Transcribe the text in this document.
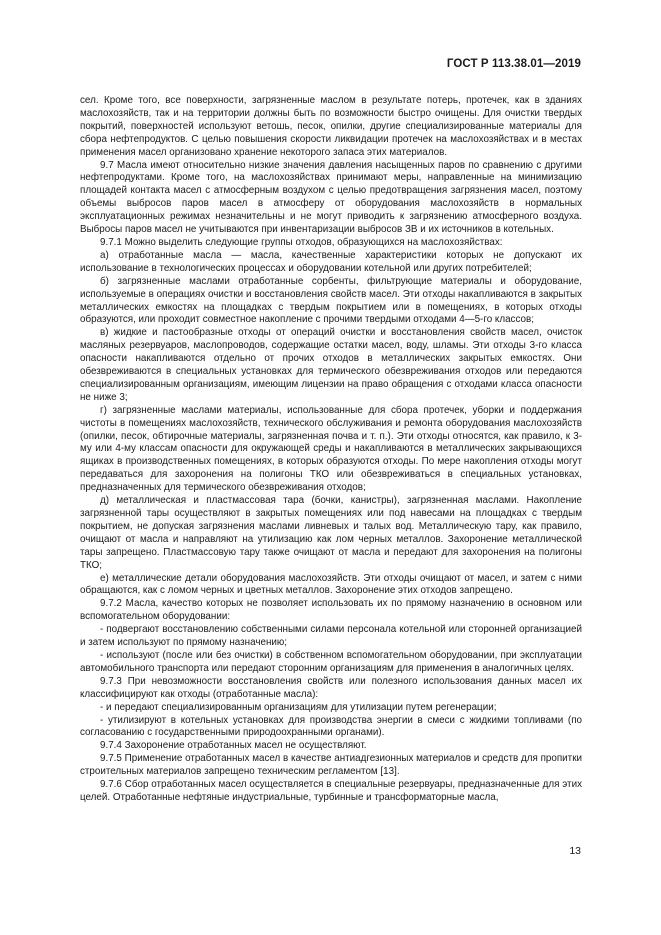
ГОСТ Р 113.38.01—2019

сел. Кроме того, все поверхности, загрязненные маслом в результате потерь, протечек, как в зданиях маслохозяйств, так и на территории должны быть по возможности быстро очищены. Для очистки твердых покрытий, поверхностей используют ветошь, песок, опилки, другие специализированные материалы для сбора нефтепродуктов. С целью повышения скорости ликвидации протечек на маслохозяйствах и в местах применения масел организовано хранение некоторого запаса этих материалов.

9.7 Масла имеют относительно низкие значения давления насыщенных паров по сравнению с другими нефтепродуктами. Кроме того, на маслохозяйствах принимают меры, направленные на минимизацию площадей контакта масел с атмосферным воздухом с целью предотвращения загрязнения масел, поэтому объемы выбросов паров масел в атмосферу от оборудования маслохозяйств в нормальных эксплуатационных режимах незначительны и не могут приводить к загрязнению атмосферного воздуха. Выбросы паров масел не учитываются при инвентаризации выбросов ЗВ и их источников в котельных.

9.7.1 Можно выделить следующие группы отходов, образующихся на маслохозяйствах:

а) отработанные масла — масла, качественные характеристики которых не допускают их использование в технологических процессах и оборудовании котельной или других потребителей;

б) загрязненные маслами отработанные сорбенты, фильтрующие материалы и оборудование, используемые в операциях очистки и восстановления свойств масел. Эти отходы накапливаются в закрытых металлических емкостях на площадках с твердым покрытием или в помещениях, в которых отходы образуются, или проходит совместное накопление с прочими твердыми отходами 4—5-го классов;

в) жидкие и пастообразные отходы от операций очистки и восстановления свойств масел, очисток масляных резервуаров, маслопроводов, содержащие остатки масел, воду, шламы. Эти отходы 3-го класса опасности накапливаются отдельно от прочих отходов в металлических закрытых емкостях. Они обезвреживаются в специальных установках для термического обезвреживания отходов или передаются специализированным организациям, имеющим лицензии на право обращения с отходами класса опасности не ниже 3;

г) загрязненные маслами материалы, использованные для сбора протечек, уборки и поддержания чистоты в помещениях маслохозяйств, технического обслуживания и ремонта оборудования маслохозяйств (опилки, песок, обтирочные материалы, загрязненная почва и т. п.). Эти отходы относятся, как правило, к 3-му или 4-му классам опасности для окружающей среды и накапливаются в металлических закрывающихся ящиках в производственных помещениях, в которых образуются отходы. По мере накопления отходы могут передаваться для захоронения на полигоны ТКО или обезвреживаться в специальных установках, предназначенных для термического обезвреживания отходов;

д) металлическая и пластмассовая тара (бочки, канистры), загрязненная маслами. Накопление загрязненной тары осуществляют в закрытых помещениях или под навесами на площадках с твердым покрытием, не допуская загрязнения маслами ливневых и талых вод. Металлическую тару, как правило, очищают от масла и направляют на утилизацию как лом черных металлов. Захоронение металлической тары запрещено. Пластмассовую тару также очищают от масла и передают для захоронения на полигоны ТКО;

е) металлические детали оборудования маслохозяйств. Эти отходы очищают от масел, и затем с ними обращаются, как с ломом черных и цветных металлов. Захоронение этих отходов запрещено.

9.7.2 Масла, качество которых не позволяет использовать их по прямому назначению в основном или вспомогательном оборудовании:

- подвергают восстановлению собственными силами персонала котельной или сторонней организацией и затем используют по прямому назначению;

- используют (после или без очистки) в собственном вспомогательном оборудовании, при эксплуатации автомобильного транспорта или передают сторонним организациям для применения в аналогичных целях.

9.7.3 При невозможности восстановления свойств или полезного использования данных масел их классифицируют как отходы (отработанные масла):

- и передают специализированным организациям для утилизации путем регенерации;

- утилизируют в котельных установках для производства энергии в смеси с жидкими топливами (по согласованию с государственными природоохранными органами).

9.7.4 Захоронение отработанных масел не осуществляют.

9.7.5 Применение отработанных масел в качестве антиадгезионных материалов и средств для пропитки строительных материалов запрещено техническим регламентом [13].

9.7.6 Сбор отработанных масел осуществляется в специальные резервуары, предназначенные для этих целей. Отработанные нефтяные индустриальные, турбинные и трансформаторные масла,

13
